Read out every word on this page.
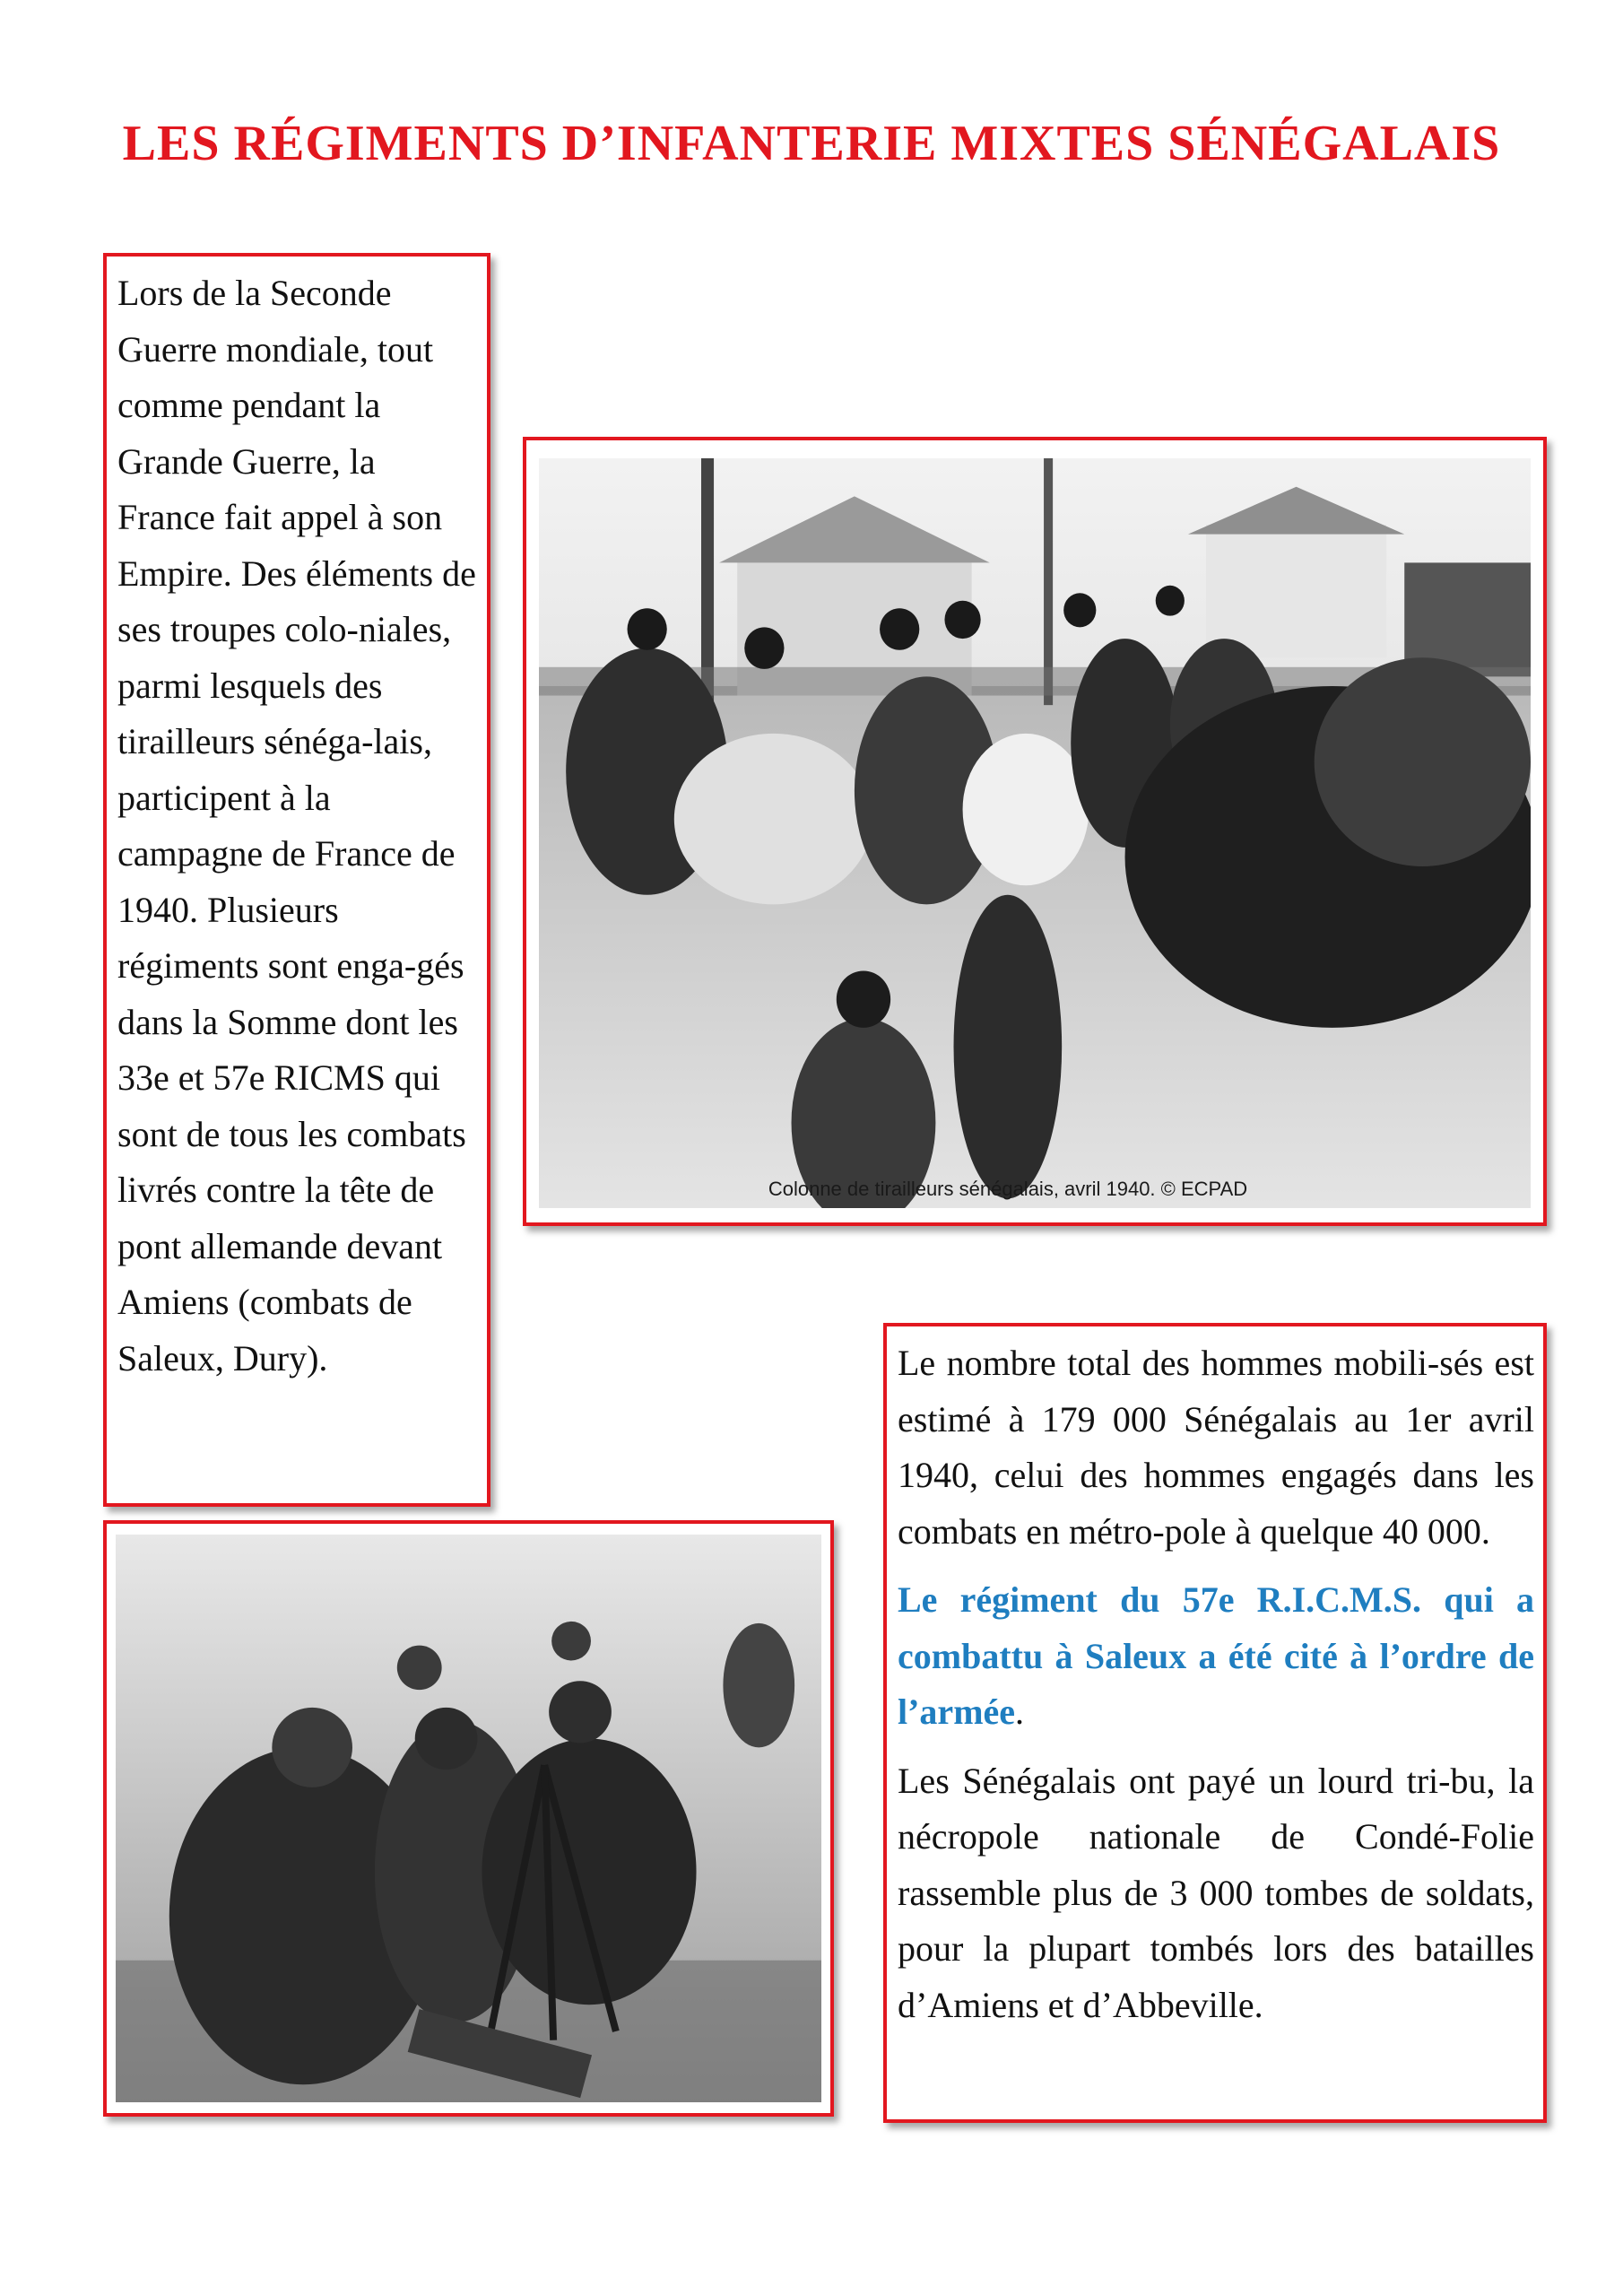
LES RÉGIMENTS D’INFANTERIE MIXTES SÉNÉGALAIS

Lors de la Seconde Guerre mondiale, tout comme pendant la Grande Guerre, la France fait appel à son Empire. Des éléments de ses troupes colo-niales, parmi lesquels des tirailleurs sénéga-lais, participent à la campagne de France de 1940. Plusieurs régiments sont enga-gés dans la Somme dont les 33e et 57e RICMS qui sont de tous les combats livrés contre la tête de pont allemande devant Amiens (combats de Saleux, Dury).

Colonne de tirailleurs sénégalais, avril 1940. © ECPAD

Le nombre total des hommes mobili-sés est estimé à 179 000 Sénégalais au 1er avril 1940, celui des hommes engagés dans les combats en métro-pole à quelque 40 000.

Le régiment du 57e R.I.C.M.S. qui a combattu à Saleux a été cité à l’ordre de l’armée.

Les Sénégalais ont payé un lourd tri-bu, la nécropole nationale de Condé-Folie rassemble plus de 3 000 tombes de soldats, pour la plupart tombés lors des batailles d’Amiens et d’Abbeville.
